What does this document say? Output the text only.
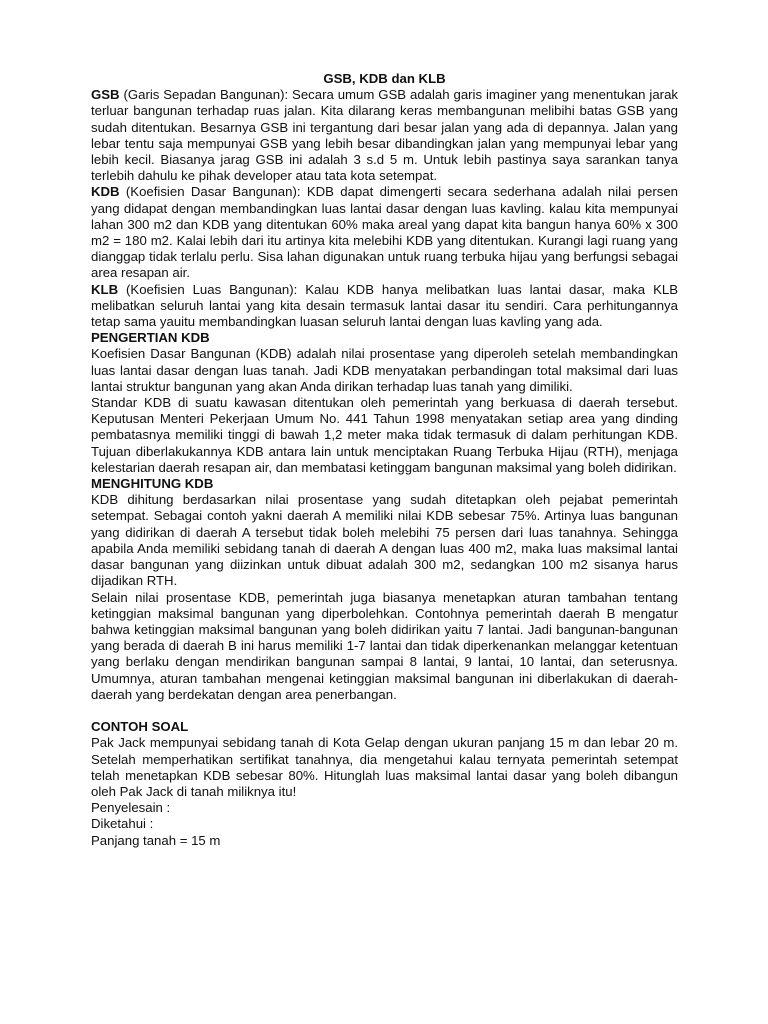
GSB, KDB dan KLB

GSB (Garis Sepadan Bangunan): Secara umum GSB adalah garis imaginer yang menentukan jarak terluar bangunan terhadap ruas jalan. Kita dilarang keras membangunan melibihi batas GSB yang sudah ditentukan. Besarnya GSB ini tergantung dari besar jalan yang ada di depannya. Jalan yang lebar tentu saja mempunyai GSB yang lebih besar dibandingkan jalan yang mempunyai lebar yang lebih kecil. Biasanya jarag GSB ini adalah 3 s.d 5 m. Untuk lebih pastinya saya sarankan tanya terlebih dahulu ke pihak developer atau tata kota setempat.

KDB (Koefisien Dasar Bangunan): KDB dapat dimengerti secara sederhana adalah nilai persen yang didapat dengan membandingkan luas lantai dasar dengan luas kavling. kalau kita mempunyai lahan 300 m2 dan KDB yang ditentukan 60% maka areal yang dapat kita bangun hanya 60% x 300 m2 = 180 m2. Kalai lebih dari itu artinya kita melebihi KDB yang ditentukan. Kurangi lagi ruang yang dianggap tidak terlalu perlu. Sisa lahan digunakan untuk ruang terbuka hijau yang berfungsi sebagai area resapan air.

KLB (Koefisien Luas Bangunan): Kalau KDB hanya melibatkan luas lantai dasar, maka KLB melibatkan seluruh lantai yang kita desain termasuk lantai dasar itu sendiri. Cara perhitungannya tetap sama yauitu membandingkan luasan seluruh lantai dengan luas kavling yang ada.

PENGERTIAN KDB

Koefisien Dasar Bangunan (KDB) adalah nilai prosentase yang diperoleh setelah membandingkan luas lantai dasar dengan luas tanah. Jadi KDB menyatakan perbandingan total maksimal dari luas lantai struktur bangunan yang akan Anda dirikan terhadap luas tanah yang dimiliki.

Standar KDB di suatu kawasan ditentukan oleh pemerintah yang berkuasa di daerah tersebut. Keputusan Menteri Pekerjaan Umum No. 441 Tahun 1998 menyatakan setiap area yang dinding pembatasnya memiliki tinggi di bawah 1,2 meter maka tidak termasuk di dalam perhitungan KDB. Tujuan diberlakukannya KDB antara lain untuk menciptakan Ruang Terbuka Hijau (RTH), menjaga kelestarian daerah resapan air, dan membatasi ketinggam bangunan maksimal yang boleh didirikan.

MENGHITUNG KDB

KDB dihitung berdasarkan nilai prosentase yang sudah ditetapkan oleh pejabat pemerintah setempat. Sebagai contoh yakni daerah A memiliki nilai KDB sebesar 75%. Artinya luas bangunan yang didirikan di daerah A tersebut tidak boleh melebihi 75 persen dari luas tanahnya. Sehingga apabila Anda memiliki sebidang tanah di daerah A dengan luas 400 m2, maka luas maksimal lantai dasar bangunan yang diizinkan untuk dibuat adalah 300 m2, sedangkan 100 m2 sisanya harus dijadikan RTH.

Selain nilai prosentase KDB, pemerintah juga biasanya menetapkan aturan tambahan tentang ketinggian maksimal bangunan yang diperbolehkan. Contohnya pemerintah daerah B mengatur bahwa ketinggian maksimal bangunan yang boleh didirikan yaitu 7 lantai. Jadi bangunan-bangunan yang berada di daerah B ini harus memiliki 1-7 lantai dan tidak diperkenankan melanggar ketentuan yang berlaku dengan mendirikan bangunan sampai 8 lantai, 9 lantai, 10 lantai, dan seterusnya. Umumnya, aturan tambahan mengenai ketinggian maksimal bangunan ini diberlakukan di daerah-daerah yang berdekatan dengan area penerbangan.

CONTOH SOAL

Pak Jack mempunyai sebidang tanah di Kota Gelap dengan ukuran panjang 15 m dan lebar 20 m. Setelah memperhatikan sertifikat tanahnya, dia mengetahui kalau ternyata pemerintah setempat telah menetapkan KDB sebesar 80%. Hitunglah luas maksimal lantai dasar yang boleh dibangun oleh Pak Jack di tanah miliknya itu!

Penyelesain :

Diketahui :

Panjang tanah = 15 m
